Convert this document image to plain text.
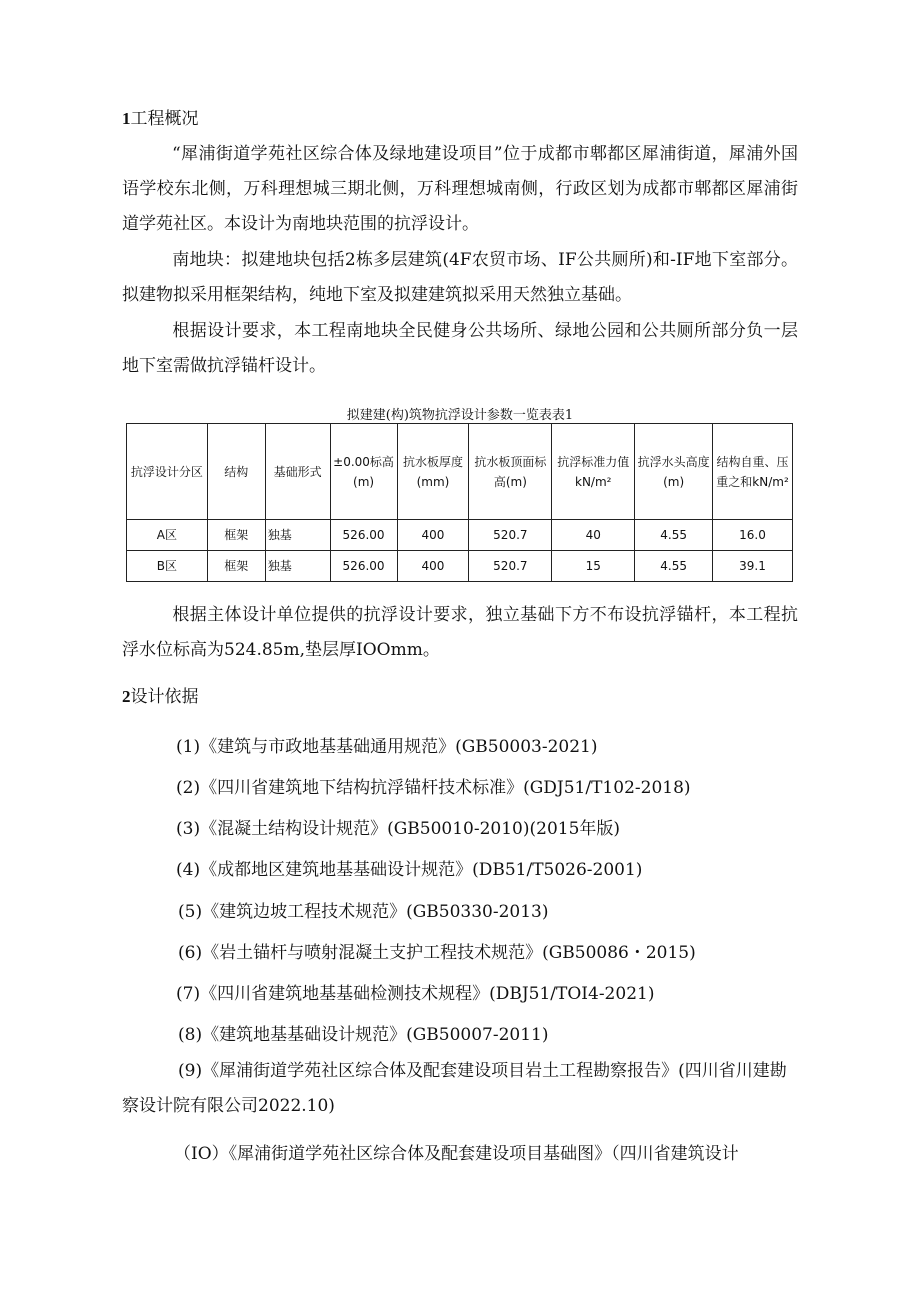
1工程概况
“犀浦街道学苑社区综合体及绿地建设项目”位于成都市郫都区犀浦街道，犀浦外国语学校东北侧，万科理想城三期北侧，万科理想城南侧，行政区划为成都市郫都区犀浦街道学苑社区。本设计为南地块范围的抗浮设计。
南地块：拟建地块包括2栋多层建筑(4F农贸市场、IF公共厕所)和-IF地下室部分。拟建物拟采用框架结构，纯地下室及拟建建筑拟采用天然独立基础。
根据设计要求，本工程南地块全民健身公共场所、绿地公园和公共厕所部分负一层地下室需做抗浮锚杆设计。
拟建建(构)筑物抗浮设计参数一览表表1
抗浮设计分区	结构	基础形式	±0.00标高(m)	抗水板厚度(mm)	抗水板顶面标高(m)	抗浮标准力值kN/m²	抗浮水头高度(m)	结构自重、压重之和kN/m²
A区	框架	独基	526.00	400	520.7	40	4.55	16.0
B区	框架	独基	526.00	400	520.7	15	4.55	39.1
根据主体设计单位提供的抗浮设计要求，独立基础下方不布设抗浮锚杆，本工程抗浮水位标高为524.85m,垫层厚IOOmm。
2设计依据
(1)《建筑与市政地基基础通用规范》(GB50003-2021)
(2)《四川省建筑地下结构抗浮锚杆技术标准》(GDJ51/T102-2018)
(3)《混凝土结构设计规范》(GB50010-2010)(2015年版)
(4)《成都地区建筑地基基础设计规范》(DB51/T5026-2001)
(5)《建筑边坡工程技术规范》(GB50330-2013)
(6)《岩土锚杆与喷射混凝土支护工程技术规范》(GB50086・2015)
(7)《四川省建筑地基基础检测技术规程》(DBJ51/TOI4-2021)
(8)《建筑地基基础设计规范》(GB50007-2011)
(9)《犀浦街道学苑社区综合体及配套建设项目岩土工程勘察报告》(四川省川建勘察设计院有限公司2022.10)
（IO）《犀浦街道学苑社区综合体及配套建设项目基础图》（四川省建筑设计
